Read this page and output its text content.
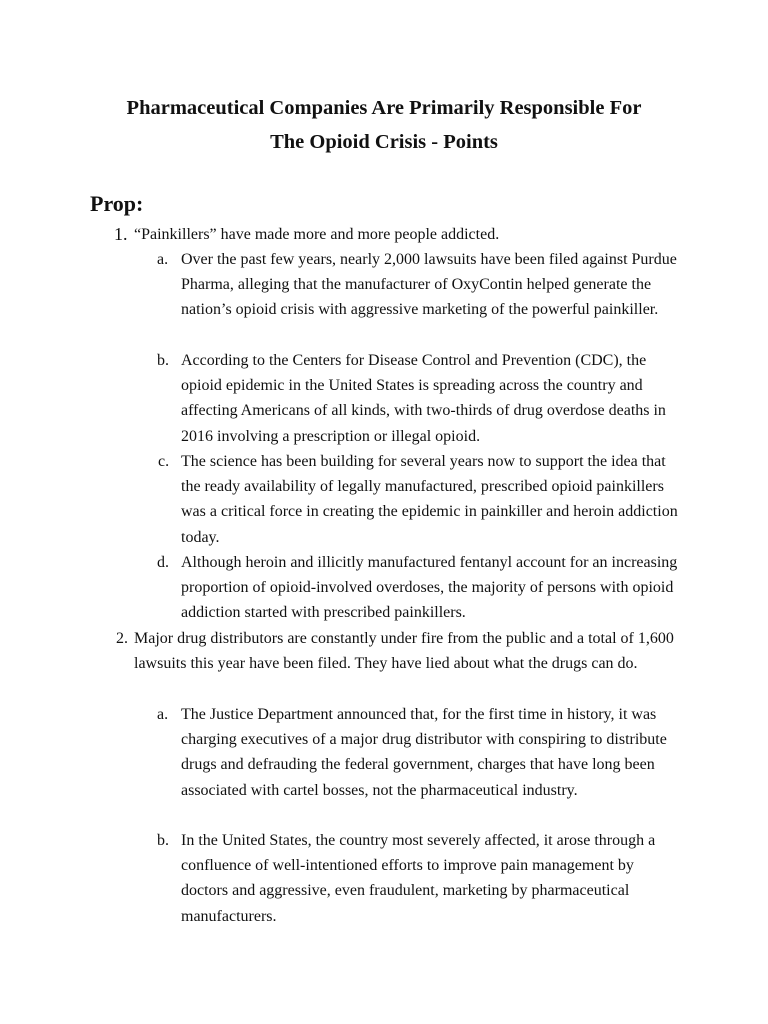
Pharmaceutical Companies Are Primarily Responsible For
The Opioid Crisis - Points
Prop:
1. “Painkillers” have made more and more people addicted.

a. Over the past few years, nearly 2,000 lawsuits have been filed against Purdue Pharma, alleging that the manufacturer of OxyContin helped generate the nation’s opioid crisis with aggressive marketing of the powerful painkiller.

b. According to the Centers for Disease Control and Prevention (CDC), the opioid epidemic in the United States is spreading across the country and affecting Americans of all kinds, with two-thirds of drug overdose deaths in 2016 involving a prescription or illegal opioid.

c. The science has been building for several years now to support the idea that the ready availability of legally manufactured, prescribed opioid painkillers was a critical force in creating the epidemic in painkiller and heroin addiction today.

d. Although heroin and illicitly manufactured fentanyl account for an increasing proportion of opioid-involved overdoses, the majority of persons with opioid addiction started with prescribed painkillers.

2. Major drug distributors are constantly under fire from the public and a total of 1,600 lawsuits this year have been filed. They have lied about what the drugs can do.

a. The Justice Department announced that, for the first time in history, it was charging executives of a major drug distributor with conspiring to distribute drugs and defrauding the federal government, charges that have long been associated with cartel bosses, not the pharmaceutical industry.

b. In the United States, the country most severely affected, it arose through a confluence of well-intentioned efforts to improve pain management by doctors and aggressive, even fraudulent, marketing by pharmaceutical manufacturers.
